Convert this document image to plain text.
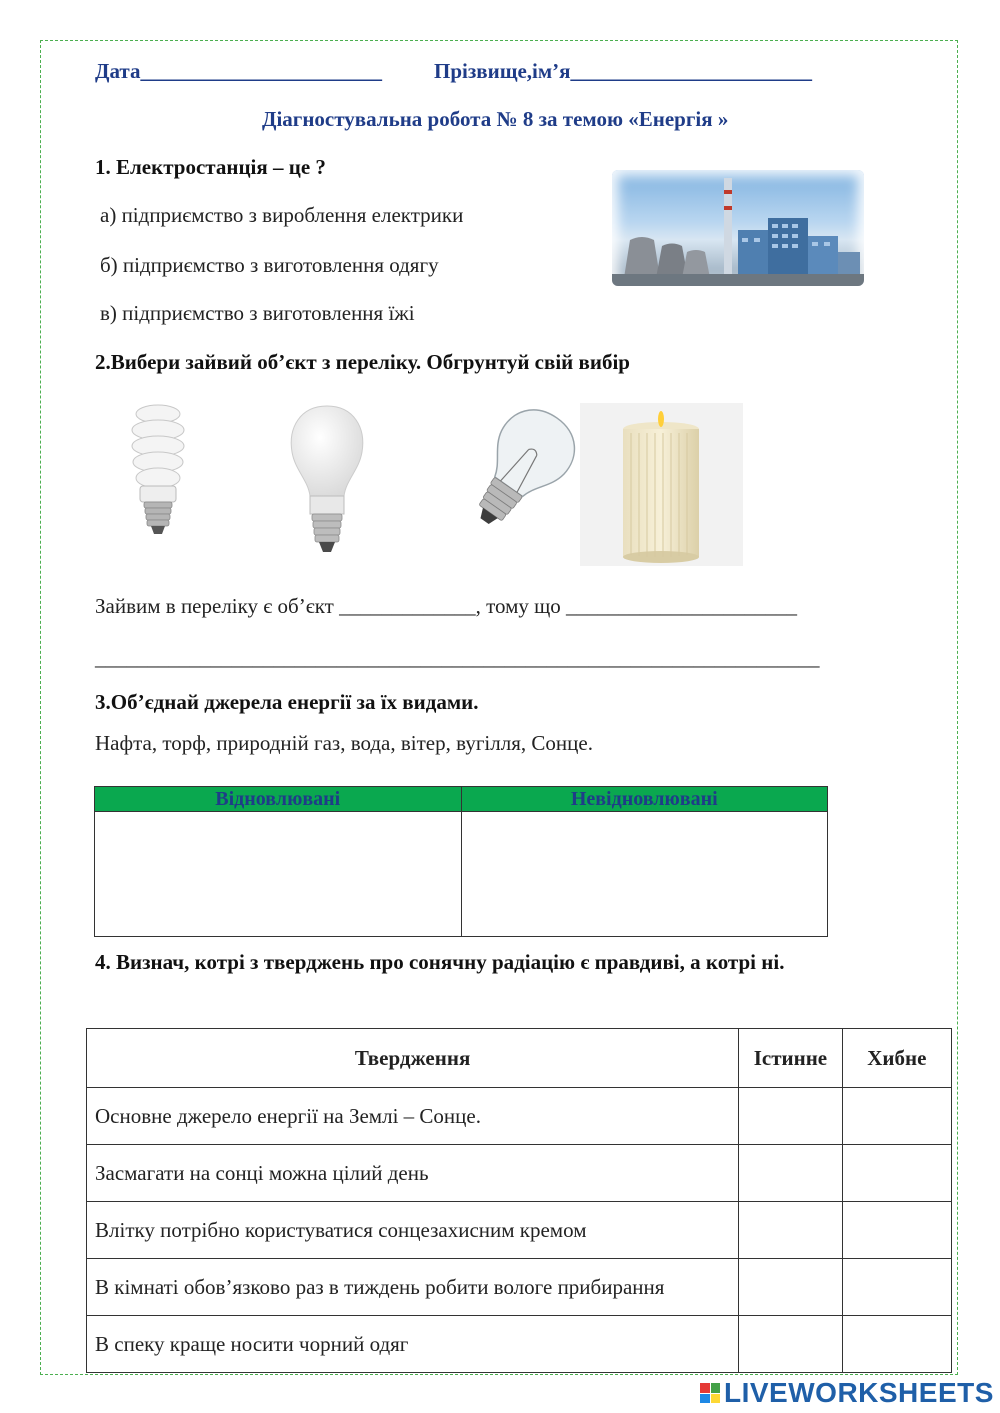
Дата_______________________ Прізвище,ім’я_______________________
Діагностувальна робота № 8 за темою «Енергія »
1. Електростанція – це ?
а) підприємство з вироблення електрики
б) підприємство з виготовлення одягу
в) підприємство з виготовлення їжі
2.Вибери зайвий об’єкт з переліку. Обгрунтуй свій вибір
Зайвим в переліку є об’єкт _____________, тому що ______________________
_____________________________________________________________________
3.Об’єднай джерела енергії за їх видами.
Нафта, торф, природній газ, вода, вітер, вугілля, Сонце.
Відновлювані	Невідновлювані

4. Визнач, котрі з тверджень про сонячну радіацію є правдиві, а котрі ні.
Твердження	Істинне	Хибне
Основне джерело енергії на Землі – Сонце.		
Засмагати на сонці можна цілий день		
Влітку потрібно користуватися сонцезахисним кремом		
В кімнаті обов’язково раз в тиждень робити вологе прибирання		
В спеку краще носити чорний одяг		
LIVEWORKSHEETS
